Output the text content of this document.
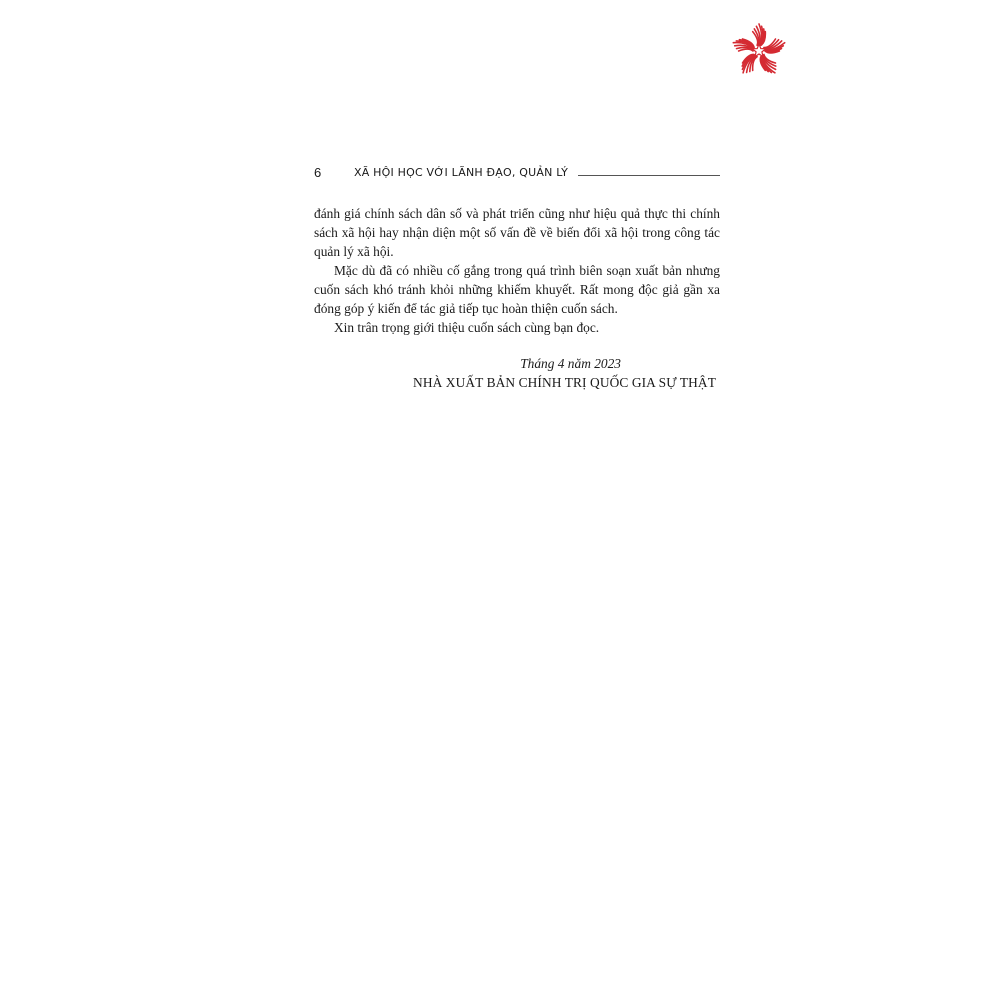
6	XÃ HỘI HỌC VỚI LÃNH ĐẠO, QUẢN LÝ

đánh giá chính sách dân số và phát triển cũng như hiệu quả thực thi chính sách xã hội hay nhận diện một số vấn đề về biến đổi xã hội trong công tác quản lý xã hội.

Mặc dù đã có nhiều cố gắng trong quá trình biên soạn xuất bản nhưng cuốn sách khó tránh khỏi những khiếm khuyết. Rất mong độc giả gần xa đóng góp ý kiến để tác giả tiếp tục hoàn thiện cuốn sách.

Xin trân trọng giới thiệu cuốn sách cùng bạn đọc.

Tháng 4 năm 2023
NHÀ XUẤT BẢN CHÍNH TRỊ QUỐC GIA SỰ THẬT
